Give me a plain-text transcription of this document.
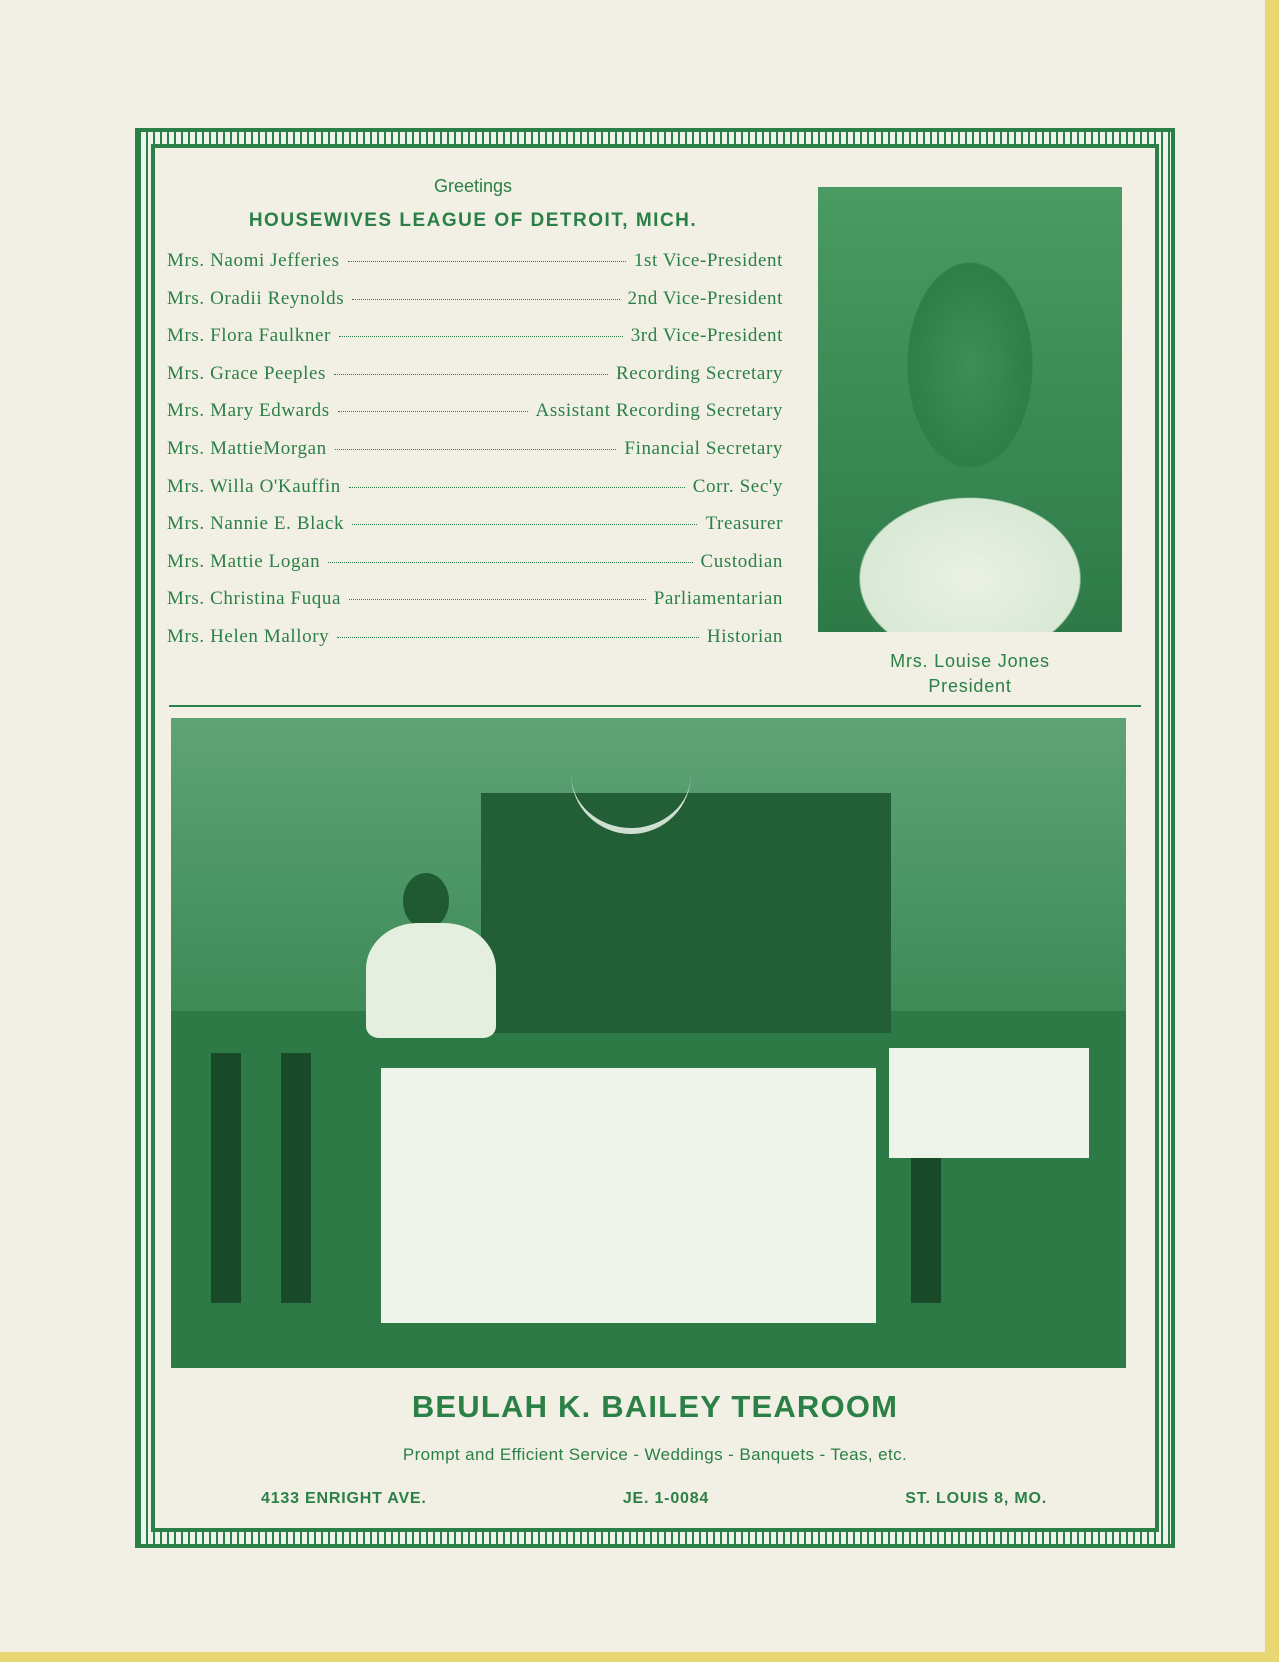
Greetings
HOUSEWIVES LEAGUE OF DETROIT, MICH.
Mrs. Naomi Jefferies	1st Vice-President
Mrs. Oradii Reynolds	2nd Vice-President
Mrs. Flora Faulkner	3rd Vice-President
Mrs. Grace Peeples	Recording Secretary
Mrs. Mary Edwards	Assistant Recording Secretary
Mrs. MattieMorgan	Financial Secretary
Mrs. Willa O'Kauffin	Corr. Sec'y
Mrs. Nannie E. Black	Treasurer
Mrs. Mattie Logan	Custodian
Mrs. Christina Fuqua	Parliamentarian
Mrs. Helen Mallory	Historian
Mrs. Louise Jones
President
BEULAH K. BAILEY TEAROOM
Prompt and Efficient Service - Weddings - Banquets - Teas, etc.
4133 ENRIGHT AVE.	JE. 1-0084	ST. LOUIS 8, MO.
